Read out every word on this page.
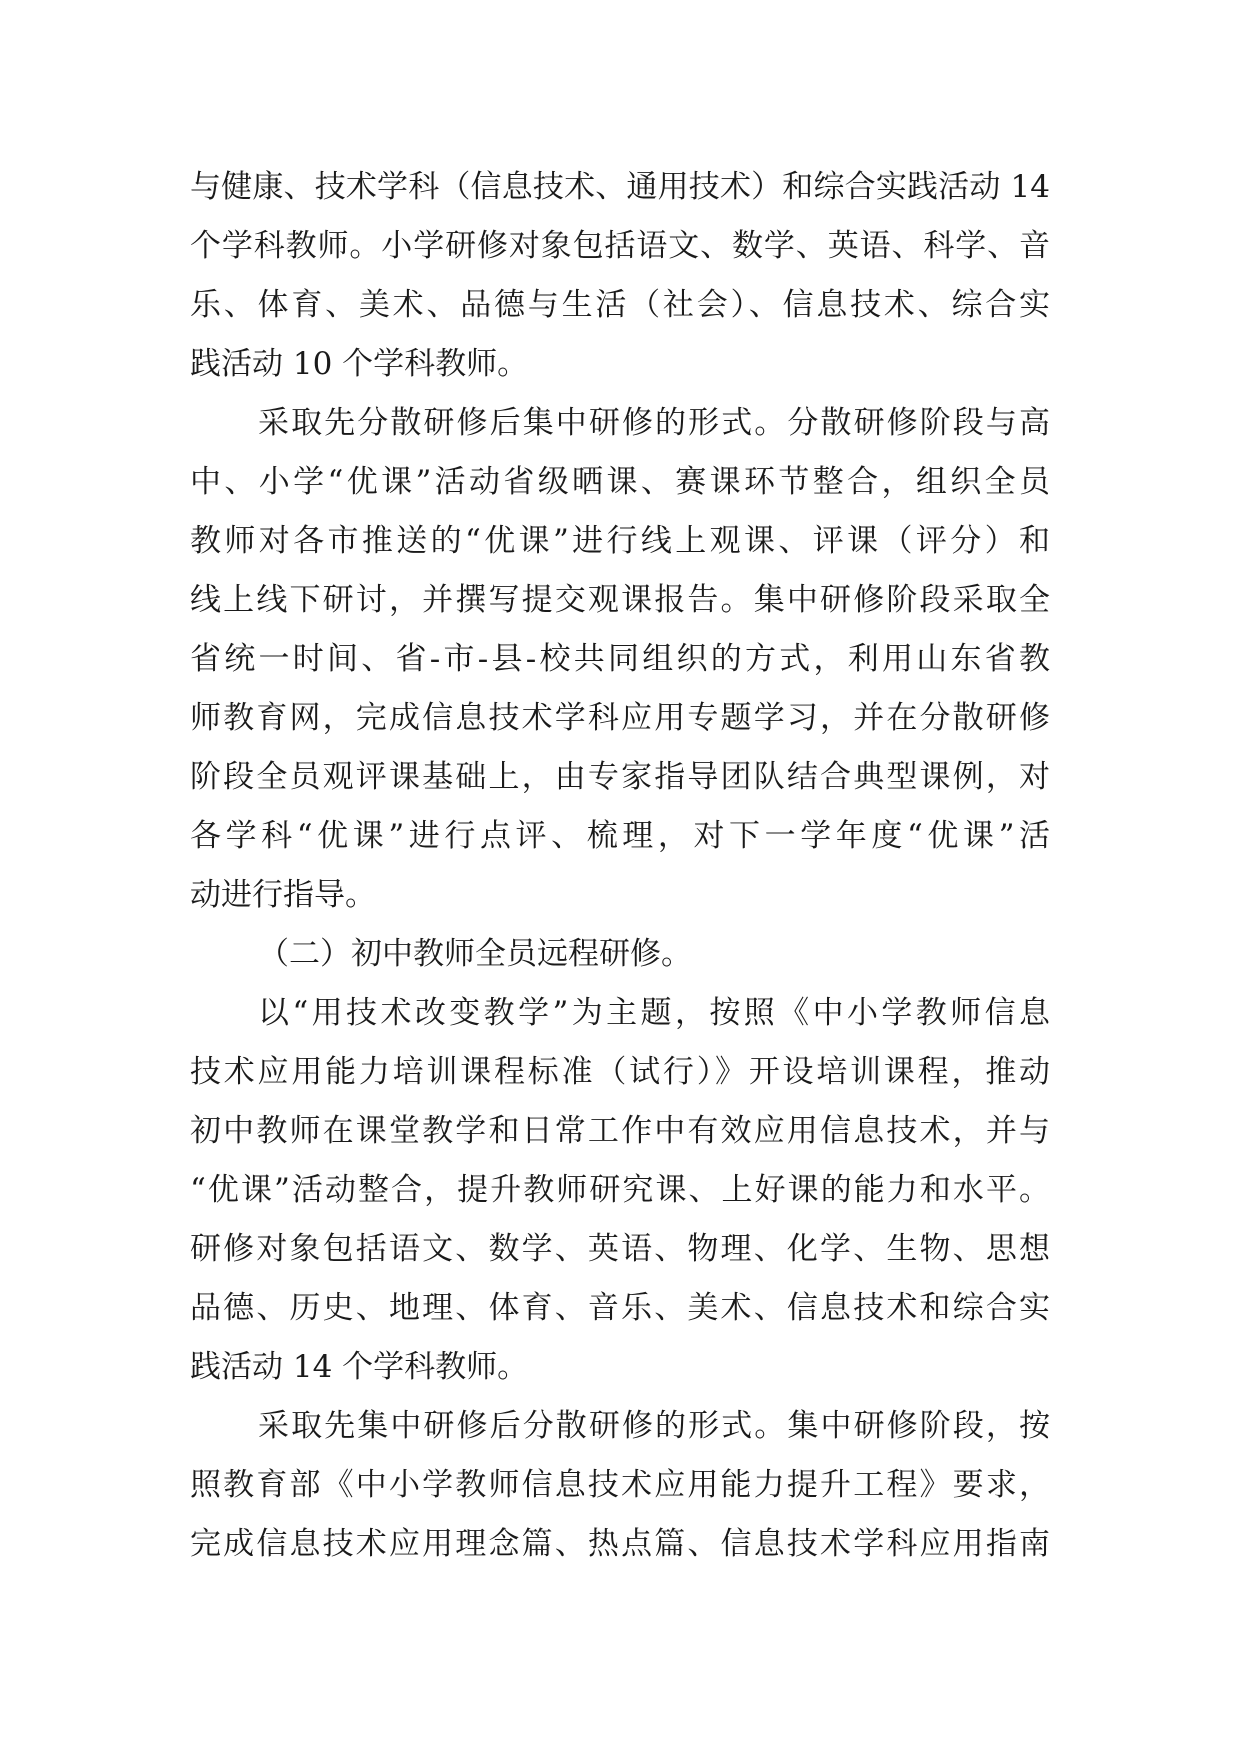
与健康、技术学科（信息技术、通用技术）和综合实践活动 14
个学科教师。小学研修对象包括语文、数学、英语、科学、音
乐、体育、美术、品德与生活（社会）、信息技术、综合实
践活动 10 个学科教师。
采取先分散研修后集中研修的形式。分散研修阶段与高
中、小学“优课”活动省级晒课、赛课环节整合，组织全员
教师对各市推送的“优课”进行线上观课、评课（评分）和
线上线下研讨，并撰写提交观课报告。集中研修阶段采取全
省统一时间、省-市-县-校共同组织的方式，利用山东省教
师教育网，完成信息技术学科应用专题学习，并在分散研修
阶段全员观评课基础上，由专家指导团队结合典型课例，对
各学科“优课”进行点评、梳理，对下一学年度“优课”活
动进行指导。
（二）初中教师全员远程研修。
以“用技术改变教学”为主题，按照《中小学教师信息
技术应用能力培训课程标准（试行）》开设培训课程，推动
初中教师在课堂教学和日常工作中有效应用信息技术，并与
“优课”活动整合，提升教师研究课、上好课的能力和水平。
研修对象包括语文、数学、英语、物理、化学、生物、思想
品德、历史、地理、体育、音乐、美术、信息技术和综合实
践活动 14 个学科教师。
采取先集中研修后分散研修的形式。集中研修阶段，按
照教育部《中小学教师信息技术应用能力提升工程》要求，
完成信息技术应用理念篇、热点篇、信息技术学科应用指南
